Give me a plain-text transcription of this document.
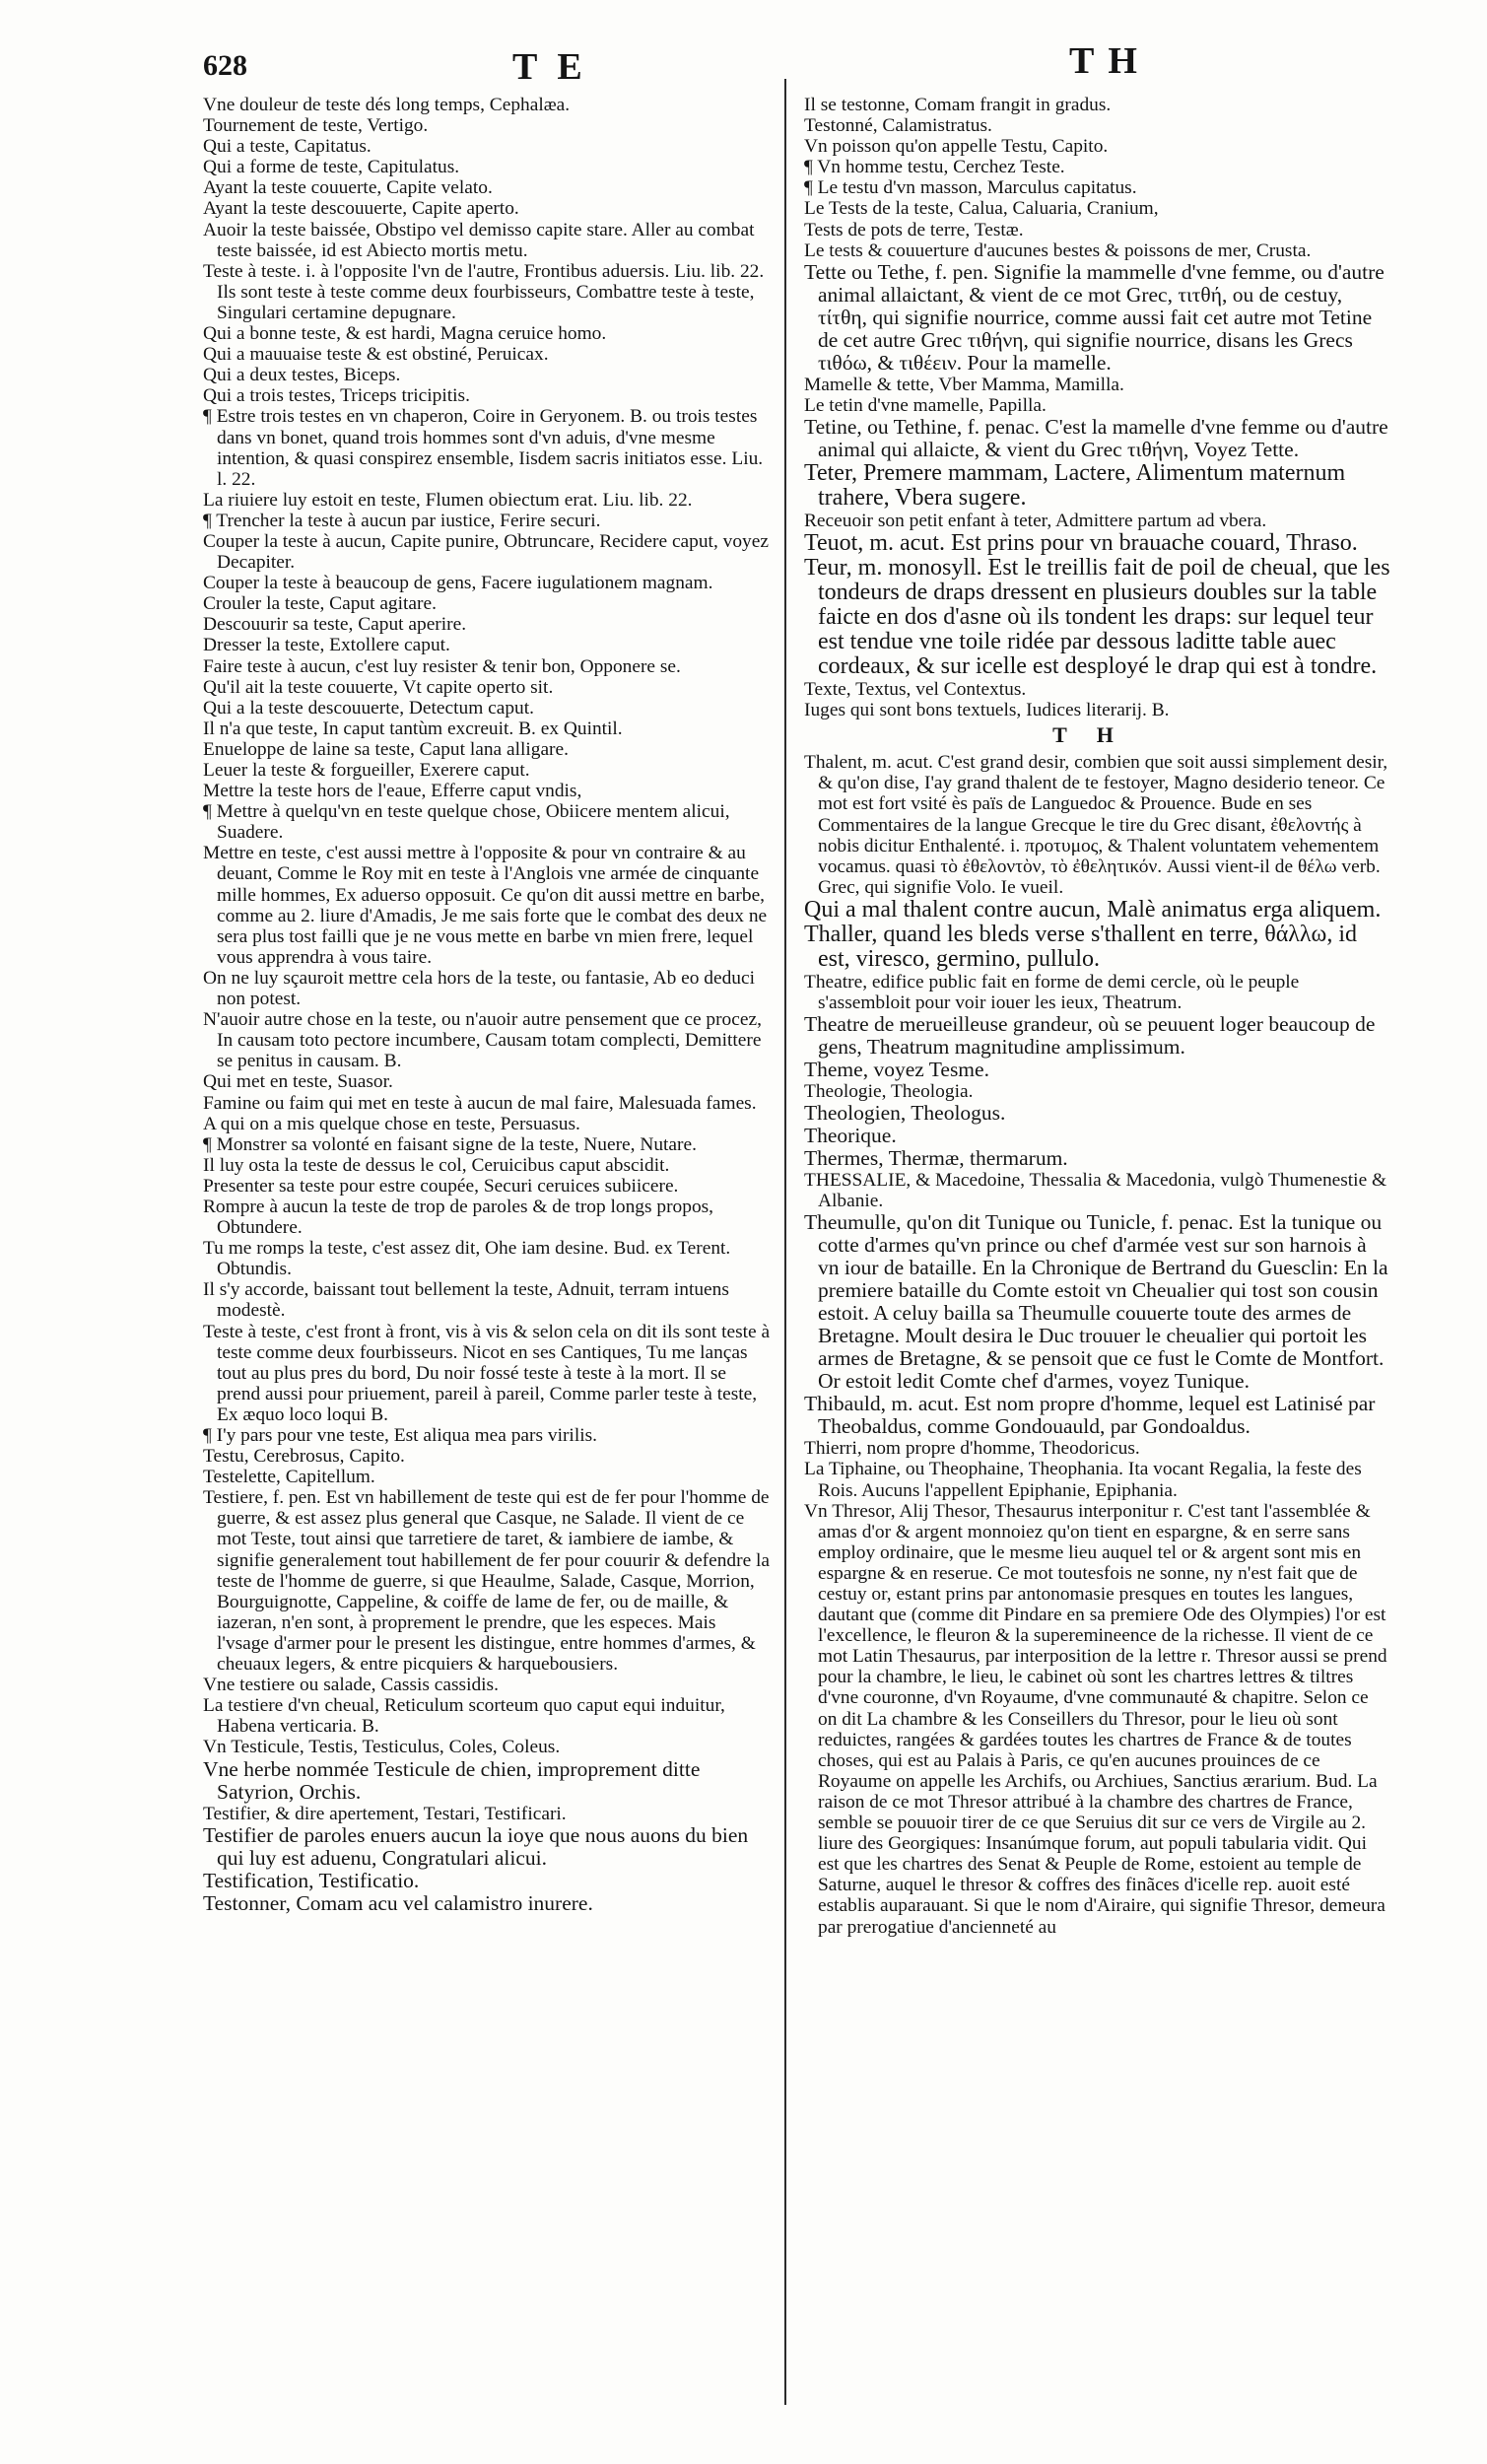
628	TE	TH

Vne douleur de teste dés long temps, Cephalæa.

Tournement de teste, Vertigo.

Qui a teste, Capitatus.

Qui a forme de teste, Capitulatus.

Ayant la teste couuerte, Capite velato.

Ayant la teste descouuerte, Capite aperto.

Auoir la teste baissée, Obstipo vel demisso capite stare. Aller au combat teste baissée, id est Abiecto mortis metu.

Teste à teste. i. à l'opposite l'vn de l'autre, Frontibus aduersis. Liu. lib. 22. Ils sont teste à teste comme deux fourbisseurs, Combattre teste à teste, Singulari certamine depugnare.

Qui a bonne teste, & est hardi, Magna ceruice homo.

Qui a mauuaise teste & est obstiné, Peruicax.

Qui a deux testes, Biceps.

Qui a trois testes, Triceps tricipitis.

¶ Estre trois testes en vn chaperon, Coire in Geryonem. B. ou trois testes dans vn bonet, quand trois hommes sont d'vn aduis, d'vne mesme intention, & quasi conspirez ensemble, Iisdem sacris initiatos esse. Liu. l. 22.

La riuiere luy estoit en teste, Flumen obiectum erat. Liu. lib. 22.

¶ Trencher la teste à aucun par iustice, Ferire securi.

Couper la teste à aucun, Capite punire, Obtruncare, Recidere caput, voyez Decapiter.

Couper la teste à beaucoup de gens, Facere iugulationem magnam.

Crouler la teste, Caput agitare.

Descouurir sa teste, Caput aperire.

Dresser la teste, Extollere caput.

Faire teste à aucun, c'est luy resister & tenir bon, Opponere se.

Qu'il ait la teste couuerte, Vt capite operto sit.

Qui a la teste descouuerte, Detectum caput.

Il n'a que teste, In caput tantùm excreuit. B. ex Quintil.

Enueloppe de laine sa teste, Caput lana alligare.

Leuer la teste & forgueiller, Exerere caput.

Mettre la teste hors de l'eaue, Efferre caput vndis,

¶ Mettre à quelqu'vn en teste quelque chose, Obiicere mentem alicui, Suadere.

Mettre en teste, c'est aussi mettre à l'opposite & pour vn contraire & au deuant, Comme le Roy mit en teste à l'Anglois vne armée de cinquante mille hommes, Ex aduerso opposuit. Ce qu'on dit aussi mettre en barbe, comme au 2. liure d'Amadis, Je me sais forte que le combat des deux ne sera plus tost failli que je ne vous mette en barbe vn mien frere, lequel vous apprendra à vous taire.

On ne luy sçauroit mettre cela hors de la teste, ou fantasie, Ab eo deduci non potest.

N'auoir autre chose en la teste, ou n'auoir autre pensement que ce procez, In causam toto pectore incumbere, Causam totam complecti, Demittere se penitus in causam. B.

Qui met en teste, Suasor.

Famine ou faim qui met en teste à aucun de mal faire, Malesuada fames.

A qui on a mis quelque chose en teste, Persuasus.

¶ Monstrer sa volonté en faisant signe de la teste, Nuere, Nutare.

Il luy osta la teste de dessus le col, Ceruicibus caput abscidit.

Presenter sa teste pour estre coupée, Securi ceruices subiicere.

Rompre à aucun la teste de trop de paroles & de trop longs propos, Obtundere.

Tu me romps la teste, c'est assez dit, Ohe iam desine. Bud. ex Terent. Obtundis.

Il s'y accorde, baissant tout bellement la teste, Adnuit, terram intuens modestè.

Teste à teste, c'est front à front, vis à vis & selon cela on dit ils sont teste à teste comme deux fourbisseurs. Nicot en ses Cantiques, Tu me lanças tout au plus pres du bord, Du noir fossé teste à teste à la mort. Il se prend aussi pour priuement, pareil à pareil, Comme parler teste à teste, Ex æquo loco loqui B.

¶ I'y pars pour vne teste, Est aliqua mea pars virilis.

Testu, Cerebrosus, Capito.

Testelette, Capitellum.

Testiere, f. pen. Est vn habillement de teste qui est de fer pour l'homme de guerre, & est assez plus general que Casque, ne Salade. Il vient de ce mot Teste, tout ainsi que tarretiere de taret, & iambiere de iambe, & signifie generalement tout habillement de fer pour couurir & defendre la teste de l'homme de guerre, si que Heaulme, Salade, Casque, Morrion, Bourguignotte, Cappeline, & coiffe de lame de fer, ou de maille, & iazeran, n'en sont, à proprement le prendre, que les especes. Mais l'vsage d'armer pour le present les distingue, entre hommes d'armes, & cheuaux legers, & entre picquiers & harquebousiers.

Vne testiere ou salade, Cassis cassidis.

La testiere d'vn cheual, Reticulum scorteum quo caput equi induitur, Habena verticaria. B.

Vn Testicule, Testis, Testiculus, Coles, Coleus.

Vne herbe nommée Testicule de chien, improprement ditte Satyrion, Orchis.

Testifier, & dire apertement, Testari, Testificari.

Testifier de paroles enuers aucun la ioye que nous auons du bien qui luy est aduenu, Congratulari alicui.

Testification, Testificatio.

Testonner, Comam acu vel calamistro inurere.

Il se testonne, Comam frangit in gradus.

Testonné, Calamistratus.

Vn poisson qu'on appelle Testu, Capito.

¶ Vn homme testu, Cerchez Teste.

¶ Le testu d'vn masson, Marculus capitatus.

Le Tests de la teste, Calua, Caluaria, Cranium,

Tests de pots de terre, Testæ.

Le tests & couuerture d'aucunes bestes & poissons de mer, Crusta.

Tette ou Tethe, f. pen. Signifie la mammelle d'vne femme, ou d'autre animal allaictant, & vient de ce mot Grec, τιτθή, ou de cestuy, τίτθη, qui signifie nourrice, comme aussi fait cet autre mot Tetine de cet autre Grec τιθήνη, qui signifie nourrice, disans les Grecs τιθόω, & τιθέειν. Pour la mamelle.

Mamelle & tette, Vber Mamma, Mamilla.

Le tetin d'vne mamelle, Papilla.

Tetine, ou Tethine, f. penac. C'est la mamelle d'vne femme ou d'autre animal qui allaicte, & vient du Grec τιθήνη, Voyez Tette.

Teter, Premere mammam, Lactere, Alimentum maternum trahere, Vbera sugere.

Receuoir son petit enfant à teter, Admittere partum ad vbera.

Teuot, m. acut. Est prins pour vn brauache couard, Thraso.

Teur, m. monosyll. Est le treillis fait de poil de cheual, que les tondeurs de draps dressent en plusieurs doubles sur la table faicte en dos d'asne où ils tondent les draps: sur lequel teur est tendue vne toile ridée par dessous laditte table auec cordeaux, & sur icelle est desployé le drap qui est à tondre.

Texte, Textus, vel Contextus.

Iuges qui sont bons textuels, Iudices literarij. B.

TH

Thalent, m. acut. C'est grand desir, combien que soit aussi simplement desir, & qu'on dise, I'ay grand thalent de te festoyer, Magno desiderio teneor. Ce mot est fort vsité ès païs de Languedoc & Prouence. Bude en ses Commentaires de la langue Grecque le tire du Grec disant, ἐθελοντής à nobis dicitur Enthalenté. i. προτυμος, & Thalent voluntatem vehementem vocamus. quasi τὸ ἐθελοντὸν, τὸ ἐθελητικόν. Aussi vient-il de θέλω verb. Grec, qui signifie Volo. Ie vueil.

Qui a mal thalent contre aucun, Malè animatus erga aliquem.

Thaller, quand les bleds verse s'thallent en terre, θάλλω, id est, viresco, germino, pullulo.

Theatre, edifice public fait en forme de demi cercle, où le peuple s'assembloit pour voir iouer les ieux, Theatrum.

Theatre de merueilleuse grandeur, où se peuuent loger beaucoup de gens, Theatrum magnitudine amplissimum.

Theme, voyez Tesme.

Theologie, Theologia.

Theologien, Theologus.

Theorique.

Thermes, Thermæ, thermarum.

THESSALIE, & Macedoine, Thessalia & Macedonia, vulgò Thumenestie & Albanie.

Theumulle, qu'on dit Tunique ou Tunicle, f. penac. Est la tunique ou cotte d'armes qu'vn prince ou chef d'armée vest sur son harnois à vn iour de bataille. En la Chronique de Bertrand du Guesclin: En la premiere bataille du Comte estoit vn Cheualier qui tost son cousin estoit. A celuy bailla sa Theumulle couuerte toute des armes de Bretagne. Moult desira le Duc trouuer le cheualier qui portoit les armes de Bretagne, & se pensoit que ce fust le Comte de Montfort. Or estoit ledit Comte chef d'armes, voyez Tunique.

Thibauld, m. acut. Est nom propre d'homme, lequel est Latinisé par Theobaldus, comme Gondouauld, par Gondoaldus.

Thierri, nom propre d'homme, Theodoricus.

La Tiphaine, ou Theophaine, Theophania. Ita vocant Regalia, la feste des Rois. Aucuns l'appellent Epiphanie, Epiphania.

Vn Thresor, Alij Thesor, Thesaurus interponitur r. C'est tant l'assemblée & amas d'or & argent monnoiez qu'on tient en espargne, & en serre sans employ ordinaire, que le mesme lieu auquel tel or & argent sont mis en espargne & en reserue. Ce mot toutesfois ne sonne, ny n'est fait que de cestuy or, estant prins par antonomasie presques en toutes les langues, dautant que (comme dit Pindare en sa premiere Ode des Olympies) l'or est l'excellence, le fleuron & la superemineence de la richesse. Il vient de ce mot Latin Thesaurus, par interposition de la lettre r. Thresor aussi se prend pour la chambre, le lieu, le cabinet où sont les chartres lettres & tiltres d'vne couronne, d'vn Royaume, d'vne communauté & chapitre. Selon ce on dit La chambre & les Conseillers du Thresor, pour le lieu où sont reduictes, rangées & gardées toutes les chartres de France & de toutes choses, qui est au Palais à Paris, ce qu'en aucunes prouinces de ce Royaume on appelle les Archifs, ou Archiues, Sanctius ærarium. Bud. La raison de ce mot Thresor attribué à la chambre des chartres de France, semble se pouuoir tirer de ce que Seruius dit sur ce vers de Virgile au 2. liure des Georgiques: Insanúmque forum, aut populi tabularia vidit. Qui est que les chartres des Senat & Peuple de Rome, estoient au temple de Saturne, auquel le thresor & coffres des finãces d'icelle rep. auoit esté establis auparauant. Si que le nom d'Airaire, qui signifie Thresor, demeura par prerogatiue d'ancienneté au
